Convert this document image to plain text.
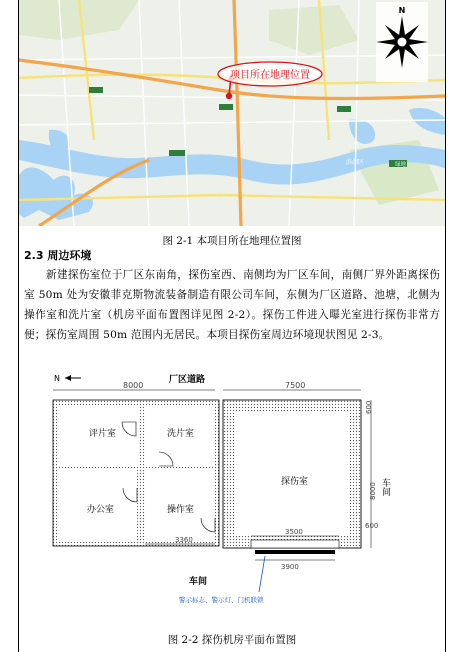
项目所在地理位置
滨湖区	绿地
N
图 2-1 本项目所在地理位置图
2.3 周边环境
新建探伤室位于厂区东南角，探伤室西、南侧均为厂区车间，南侧厂界外距离探伤室 50m 处为安徽菲克斯物流装备制造有限公司车间，东侧为厂区道路、池塘，北侧为操作室和洗片室（机房平面布置图详见图 2-2）。探伤工件进入曝光室进行探伤非常方便；探伤室周围 50m 范围内无居民。本项目探伤室周边环境现状图见 2-3。
N	厂区道路
8000	7500
评片室	洗片室
办公室	操作室
3360
探伤室
3500
3900
600
8000
600
车间
车间
警示标志、警示灯、门机联锁
图 2-2 探伤机房平面布置图
